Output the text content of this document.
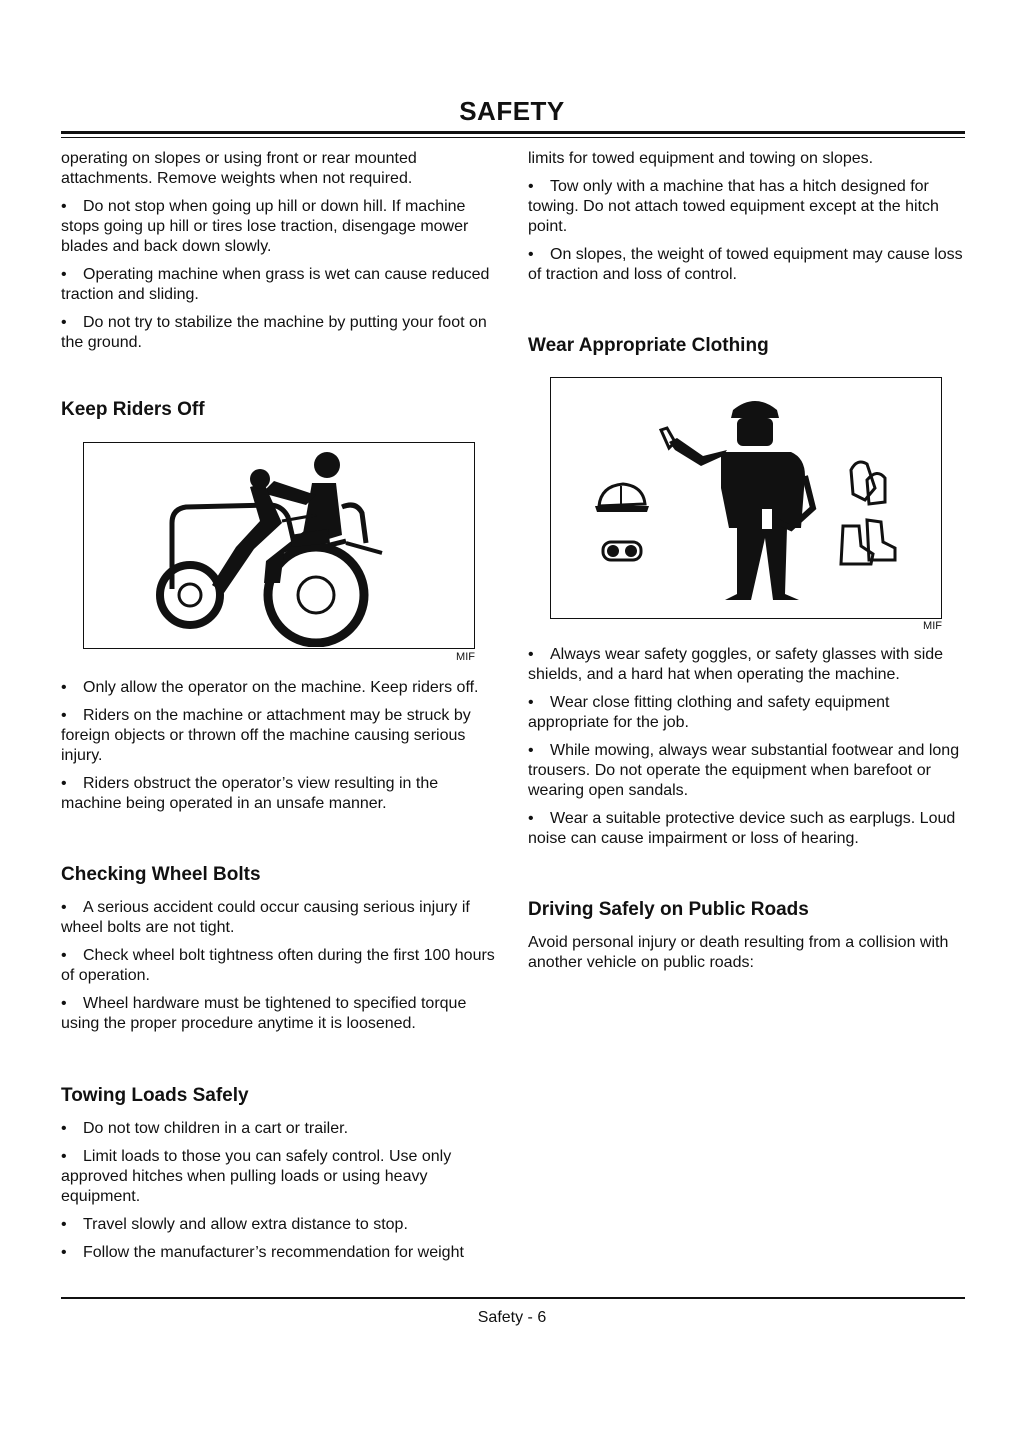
SAFETY

operating on slopes or using front or rear mounted attachments. Remove weights when not required.

• Do not stop when going up hill or down hill. If machine stops going up hill or tires lose traction, disengage mower blades and back down slowly.

• Operating machine when grass is wet can cause reduced traction and sliding.

• Do not try to stabilize the machine by putting your foot on the ground.

Keep Riders Off
MIF

• Only allow the operator on the machine. Keep riders off.

• Riders on the machine or attachment may be struck by foreign objects or thrown off the machine causing serious injury.

• Riders obstruct the operator’s view resulting in the machine being operated in an unsafe manner.

Checking Wheel Bolts

• A serious accident could occur causing serious injury if wheel bolts are not tight.

• Check wheel bolt tightness often during the first 100 hours of operation.

• Wheel hardware must be tightened to specified torque using the proper procedure anytime it is loosened.

Towing Loads Safely

• Do not tow children in a cart or trailer.

• Limit loads to those you can safely control. Use only approved hitches when pulling loads or using heavy equipment.

• Travel slowly and allow extra distance to stop.

• Follow the manufacturer’s recommendation for weight

limits for towed equipment and towing on slopes.

• Tow only with a machine that has a hitch designed for towing. Do not attach towed equipment except at the hitch point.

• On slopes, the weight of towed equipment may cause loss of traction and loss of control.

Wear Appropriate Clothing
MIF

• Always wear safety goggles, or safety glasses with side shields, and a hard hat when operating the machine.

• Wear close fitting clothing and safety equipment appropriate for the job.

• While mowing, always wear substantial footwear and long trousers. Do not operate the equipment when barefoot or wearing open sandals.

• Wear a suitable protective device such as earplugs. Loud noise can cause impairment or loss of hearing.

Driving Safely on Public Roads

Avoid personal injury or death resulting from a collision with another vehicle on public roads:

Safety - 6
